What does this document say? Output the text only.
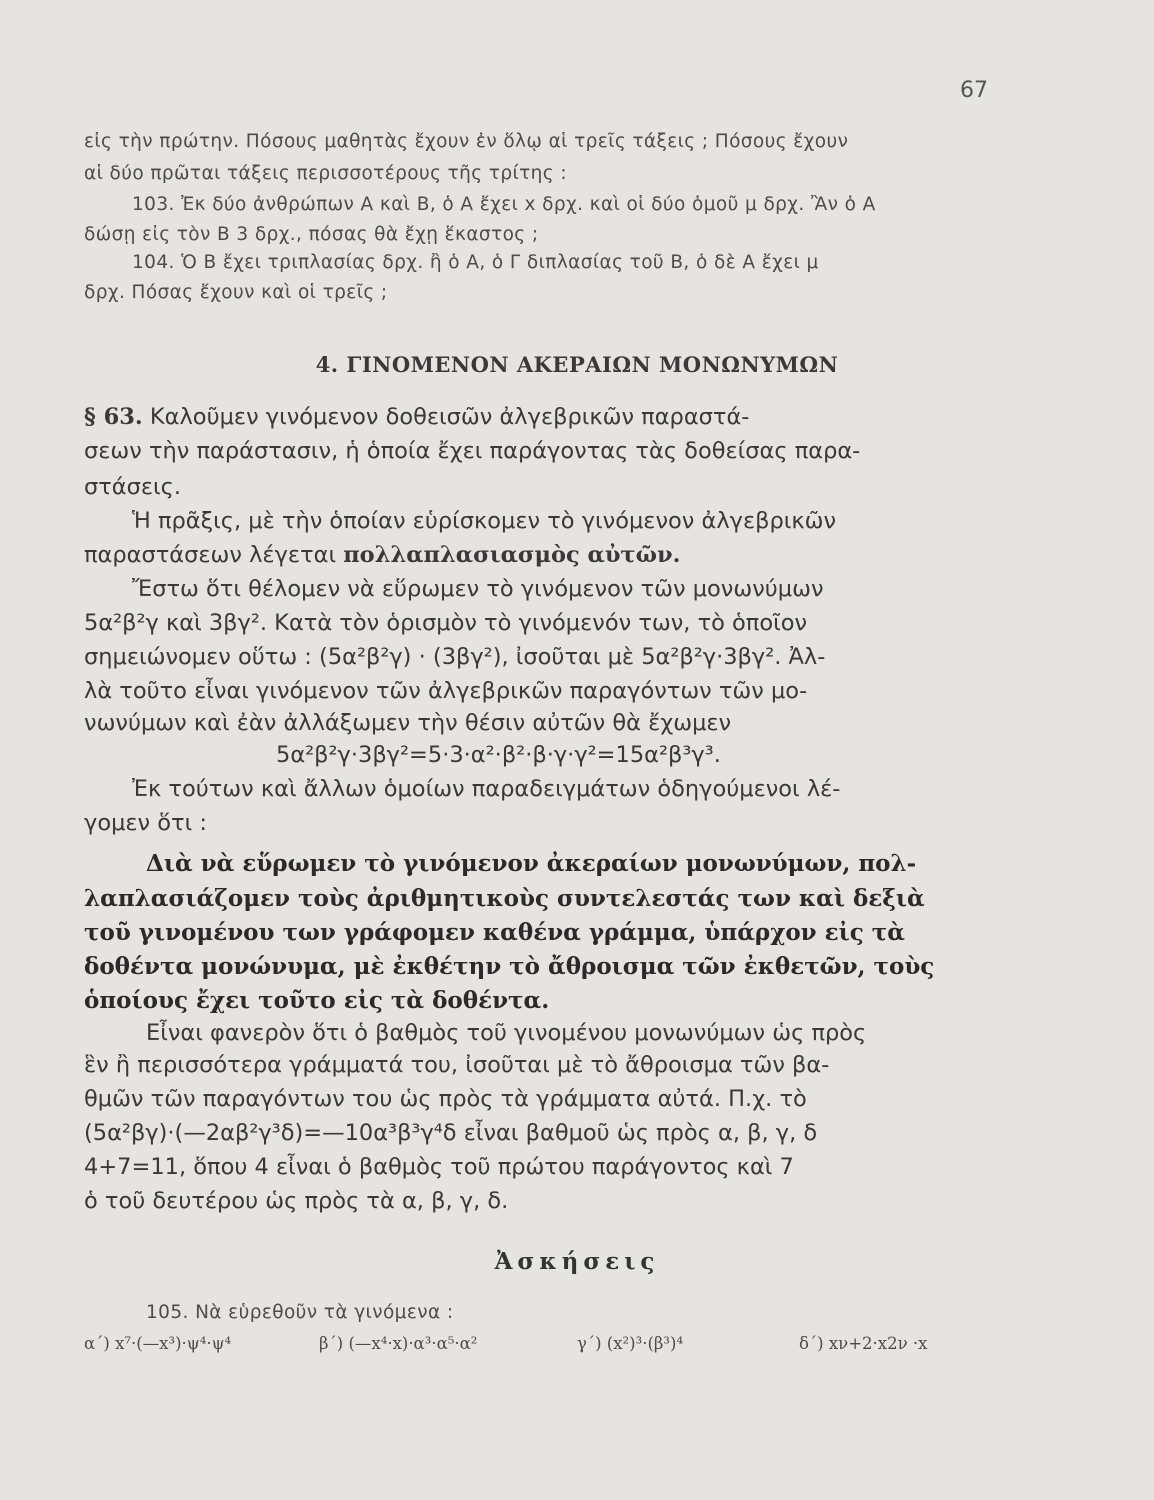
67
εἰς τὴν πρώτην. Πόσους μαθητὰς ἔχουν ἐν ὅλῳ αἱ τρεῖς τάξεις ; Πόσους ἔχουν
αἱ δύο πρῶται τάξεις περισσοτέρους τῆς τρίτης :
103. Ἐκ δύο ἀνθρώπων Α καὶ Β, ὁ Α ἔχει x δρχ. καὶ οἱ δύο ὁμοῦ μ δρχ. Ἂν ὁ Α
δώσῃ εἰς τὸν Β 3 δρχ., πόσας θὰ ἔχῃ ἕκαστος ;
104. Ὁ Β ἔχει τριπλασίας δρχ. ἢ ὁ Α, ὁ Γ διπλασίας τοῦ Β, ὁ δὲ Α ἔχει μ
δρχ. Πόσας ἔχουν καὶ οἱ τρεῖς ;
4. ΓΙΝΟΜΕΝΟΝ ΑΚΕΡΑΙΩΝ ΜΟΝΩΝΥΜΩΝ
§ 63. Καλοῦμεν γινόμενον δοθεισῶν ἀλγεβρικῶν παραστά-
σεων τὴν παράστασιν, ἡ ὁποία ἔχει παράγοντας τὰς δοθείσας παρα-
στάσεις.
Ἡ πρᾶξις, μὲ τὴν ὁποίαν εὑρίσκομεν τὸ γινόμενον ἀλγεβρικῶν
παραστάσεων λέγεται πολλαπλασιασμὸς αὐτῶν.
Ἔστω ὅτι θέλομεν νὰ εὕρωμεν τὸ γινόμενον τῶν μονωνύμων
5α²β²γ καὶ 3βγ². Κατὰ τὸν ὁρισμὸν τὸ γινόμενόν των, τὸ ὁποῖον
σημειώνομεν οὕτω : (5α²β²γ) · (3βγ²), ἰσοῦται μὲ 5α²β²γ·3βγ². Ἀλ-
λὰ τοῦτο εἶναι γινόμενον τῶν ἀλγεβρικῶν παραγόντων τῶν μο-
νωνύμων καὶ ἐὰν ἀλλάξωμεν τὴν θέσιν αὐτῶν θὰ ἔχωμεν
5α²β²γ·3βγ²=5·3·α²·β²·β·γ·γ²=15α²β³γ³.
Ἐκ τούτων καὶ ἄλλων ὁμοίων παραδειγμάτων ὁδηγούμενοι λέ-
γομεν ὅτι :
Διὰ νὰ εὕρωμεν τὸ γινόμενον ἀκεραίων μονωνύμων, πολ-
λαπλασιάζομεν τοὺς ἀριθμητικοὺς συντελεστάς των καὶ δεξιὰ
τοῦ γινομένου των γράφομεν καθένα γράμμα, ὑπάρχον εἰς τὰ
δοθέντα μονώνυμα, μὲ ἐκθέτην τὸ ἄθροισμα τῶν ἐκθετῶν, τοὺς
ὁποίους ἔχει τοῦτο εἰς τὰ δοθέντα.
Εἶναι φανερὸν ὅτι ὁ βαθμὸς τοῦ γινομένου μονωνύμων ὡς πρὸς
ἓν ἢ περισσότερα γράμματά του, ἰσοῦται μὲ τὸ ἄθροισμα τῶν βα-
θμῶν τῶν παραγόντων του ὡς πρὸς τὰ γράμματα αὐτά. Π.χ. τὸ
(5α²βγ)·(—2αβ²γ³δ)=—10α³β³γ⁴δ εἶναι βαθμοῦ ὡς πρὸς α, β, γ, δ
4+7=11, ὅπου 4 εἶναι ὁ βαθμὸς τοῦ πρώτου παράγοντος καὶ 7
ὁ τοῦ δευτέρου ὡς πρὸς τὰ α, β, γ, δ.
Ἀσκήσεις
105. Νὰ εὑρεθοῦν τὰ γινόμενα :
α΄) x⁷·(—x³)·ψ⁴·ψ⁴	β΄) (—x⁴·x)·α³·α⁵·α²	γ΄) (x²)³·(β³)⁴	δ΄) xν+2·x2ν ·x
